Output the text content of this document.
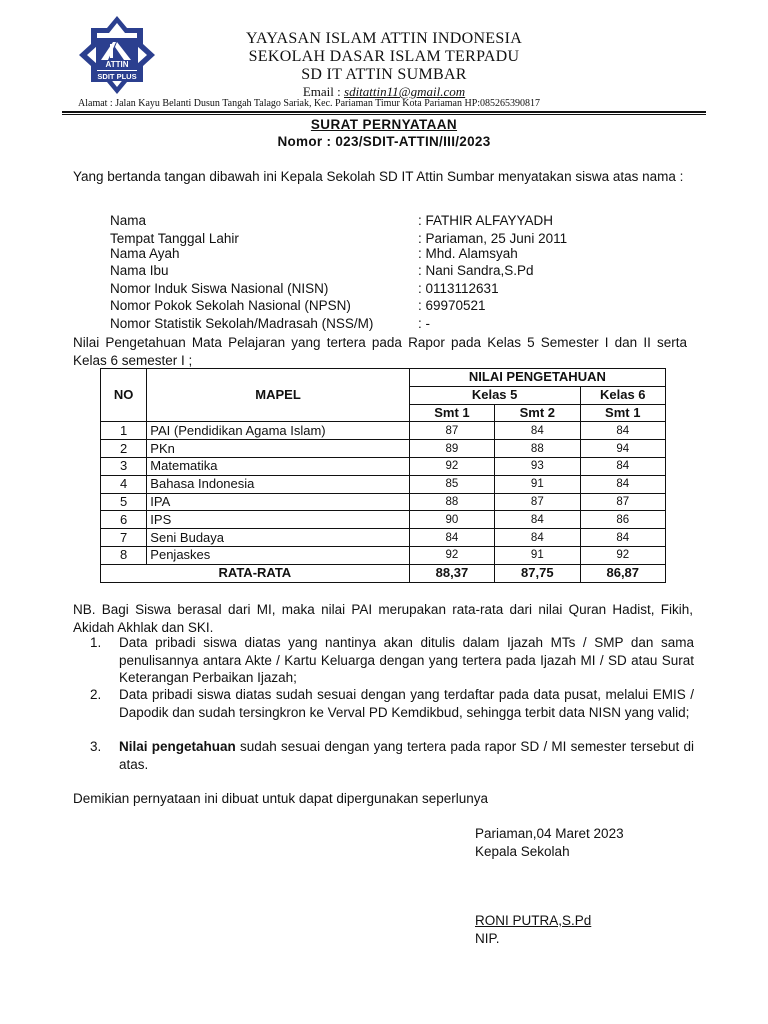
ATTIN
SDIT PLUS
YAYASAN ISLAM ATTIN INDONESIA
SEKOLAH DASAR ISLAM TERPADU
SD IT ATTIN SUMBAR
Email : sditattin11@gmail.com
Alamat : Jalan Kayu Belanti Dusun Tangah Talago Sariak, Kec. Pariaman Timur Kota Pariaman HP:085265390817
SURAT PERNYATAAN
Nomor : 023/SDIT-ATTIN/III/2023
Yang bertanda tangan dibawah ini Kepala Sekolah SD IT Attin Sumbar menyatakan siswa atas nama :
Nama	: FATHIR ALFAYYADH
Tempat Tanggal Lahir	: Pariaman, 25 Juni 2011
Nama Ayah	: Mhd. Alamsyah
Nama Ibu	: Nani Sandra,S.Pd
Nomor Induk Siswa Nasional (NISN)	: 0113112631
Nomor Pokok Sekolah Nasional (NPSN)	: 69970521
Nomor Statistik Sekolah/Madrasah (NSS/M)	: -
Nilai Pengetahuan Mata Pelajaran yang tertera pada Rapor pada Kelas 5 Semester I dan II serta Kelas 6 semester I ;
NO	MAPEL	NILAI PENGETAHUAN		
		Kelas 5		Kelas 6
		Smt 1	Smt 2	Smt 1
1	PAI (Pendidikan Agama Islam)	87	84	84
2	PKn	89	88	94
3	Matematika	92	93	84
4	Bahasa Indonesia	85	91	84
5	IPA	88	87	87
6	IPS	90	84	86
7	Seni Budaya	84	84	84
8	Penjaskes	92	91	92
RATA-RATA		88,37	87,75	86,87
NB. Bagi Siswa berasal dari MI, maka nilai PAI merupakan rata-rata dari nilai Quran Hadist, Fikih, Akidah Akhlak dan SKI.
1. Data pribadi siswa diatas yang nantinya akan ditulis dalam Ijazah MTs / SMP dan sama penulisannya antara Akte / Kartu Keluarga dengan yang tertera pada Ijazah MI / SD atau Surat Keterangan Perbaikan Ijazah;
2. Data pribadi siswa diatas sudah sesuai dengan yang terdaftar pada data pusat, melalui EMIS / Dapodik dan sudah tersingkron ke Verval PD Kemdikbud, sehingga terbit data NISN yang valid;
3. Nilai pengetahuan sudah sesuai dengan yang tertera pada rapor SD / MI semester tersebut di atas.
Demikian pernyataan ini dibuat untuk dapat dipergunakan seperlunya
Pariaman,04 Maret 2023
Kepala Sekolah
RONI PUTRA,S.Pd
NIP.
